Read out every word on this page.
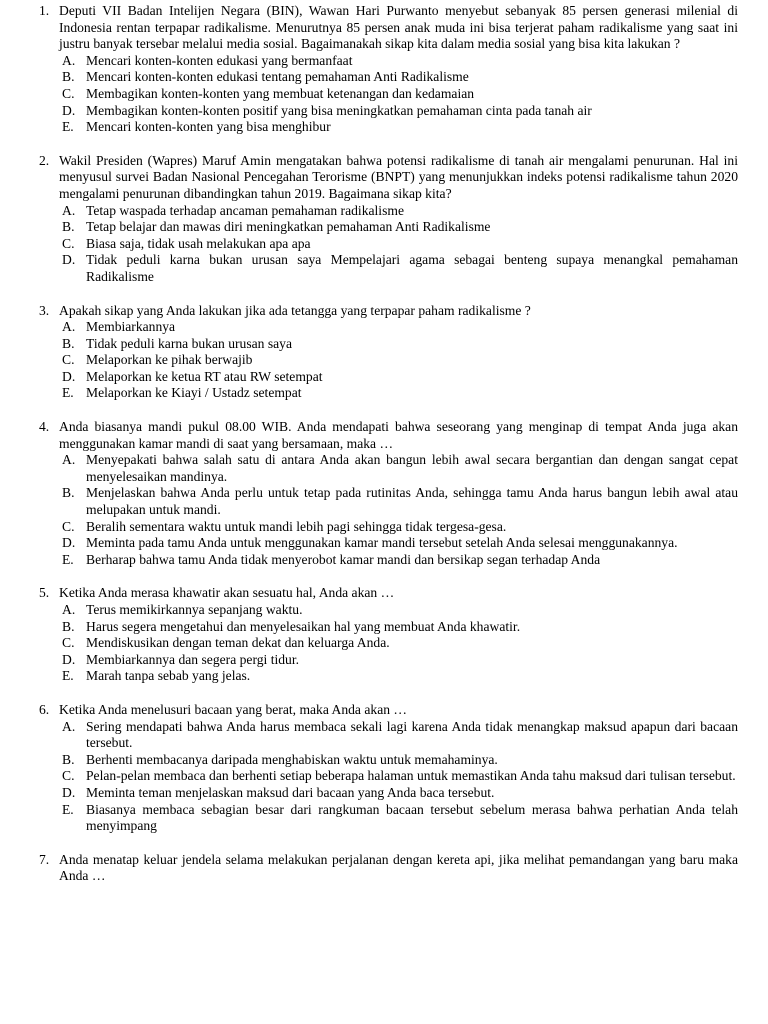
1. Deputi VII Badan Intelijen Negara (BIN), Wawan Hari Purwanto menyebut sebanyak 85 persen generasi milenial di Indonesia rentan terpapar radikalisme. Menurutnya 85 persen anak muda ini bisa terjerat paham radikalisme yang saat ini justru banyak tersebar melalui media sosial. Bagaimanakah sikap kita dalam media sosial yang bisa kita lakukan ?
A. Mencari konten-konten edukasi yang bermanfaat
B. Mencari konten-konten edukasi tentang pemahaman Anti Radikalisme
C. Membagikan konten-konten yang membuat ketenangan dan kedamaian
D. Membagikan konten-konten positif yang bisa meningkatkan pemahaman cinta pada tanah air
E. Mencari konten-konten yang bisa menghibur
2. Wakil Presiden (Wapres) Maruf Amin mengatakan bahwa potensi radikalisme di tanah air mengalami penurunan. Hal ini menyusul survei Badan Nasional Pencegahan Terorisme (BNPT) yang menunjukkan indeks potensi radikalisme tahun 2020 mengalami penurunan dibandingkan tahun 2019. Bagaimana sikap kita?
A. Tetap waspada terhadap ancaman pemahaman radikalisme
B. Tetap belajar dan mawas diri meningkatkan pemahaman Anti Radikalisme
C. Biasa saja, tidak usah melakukan apa apa
D. Tidak peduli karna bukan urusan saya Mempelajari agama sebagai benteng supaya menangkal pemahaman Radikalisme
3. Apakah sikap yang Anda lakukan jika ada tetangga yang terpapar paham radikalisme ?
A. Membiarkannya
B. Tidak peduli karna bukan urusan saya
C. Melaporkan ke pihak berwajib
D. Melaporkan ke ketua RT atau RW setempat
E. Melaporkan ke Kiayi / Ustadz setempat
4. Anda biasanya mandi pukul 08.00 WIB. Anda mendapati bahwa seseorang yang menginap di tempat Anda juga akan menggunakan kamar mandi di saat yang bersamaan, maka …
A. Menyepakati bahwa salah satu di antara Anda akan bangun lebih awal secara bergantian dan dengan sangat cepat menyelesaikan mandinya.
B. Menjelaskan bahwa Anda perlu untuk tetap pada rutinitas Anda, sehingga tamu Anda harus bangun lebih awal atau melupakan untuk mandi.
C. Beralih sementara waktu untuk mandi lebih pagi sehingga tidak tergesa-gesa.
D. Meminta pada tamu Anda untuk menggunakan kamar mandi tersebut setelah Anda selesai menggunakannya.
E. Berharap bahwa tamu Anda tidak menyerobot kamar mandi dan bersikap segan terhadap Anda
5. Ketika Anda merasa khawatir akan sesuatu hal, Anda akan …
A. Terus memikirkannya sepanjang waktu.
B. Harus segera mengetahui dan menyelesaikan hal yang membuat Anda khawatir.
C. Mendiskusikan dengan teman dekat dan keluarga Anda.
D. Membiarkannya dan segera pergi tidur.
E. Marah tanpa sebab yang jelas.
6. Ketika Anda menelusuri bacaan yang berat, maka Anda akan …
A. Sering mendapati bahwa Anda harus membaca sekali lagi karena Anda tidak menangkap maksud apapun dari bacaan tersebut.
B. Berhenti membacanya daripada menghabiskan waktu untuk memahaminya.
C. Pelan-pelan membaca dan berhenti setiap beberapa halaman untuk memastikan Anda tahu maksud dari tulisan tersebut.
D. Meminta teman menjelaskan maksud dari bacaan yang Anda baca tersebut.
E. Biasanya membaca sebagian besar dari rangkuman bacaan tersebut sebelum merasa bahwa perhatian Anda telah menyimpang
7. Anda menatap keluar jendela selama melakukan perjalanan dengan kereta api, jika melihat pemandangan yang baru maka Anda …
